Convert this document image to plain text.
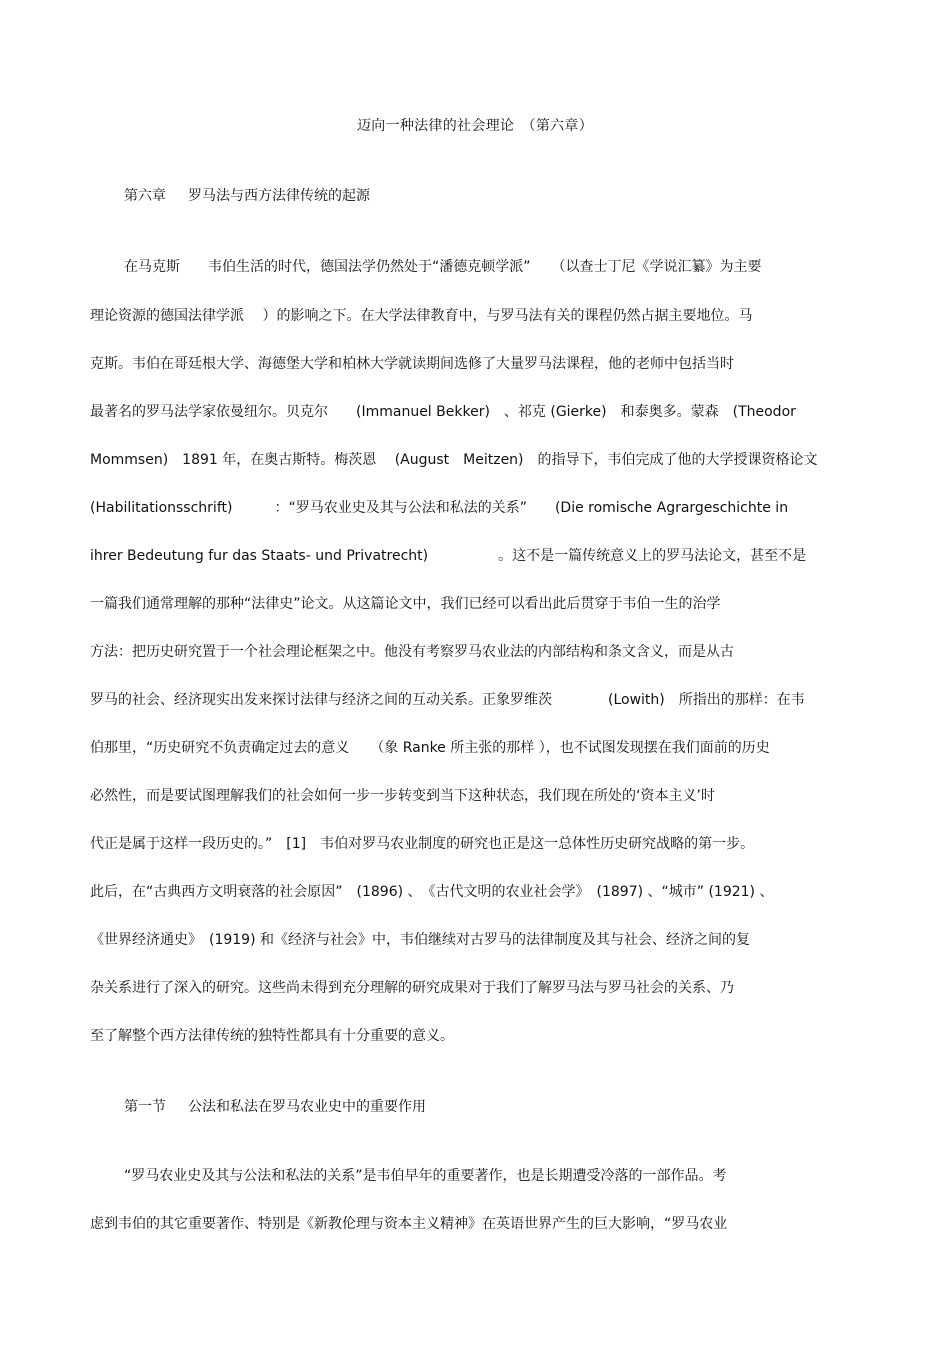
迈向一种法律的社会理论　（第六章）
第六章 罗马法与西方法律传统的起源
在马克斯　　韦伯生活的时代，德国法学仍然处于“潘德克顿学派”　　（以查士丁尼《学说汇纂》为主要
理论资源的德国法律学派　 ）的影响之下。在大学法律教育中，与罗马法有关的课程仍然占据主要地位。马
克斯。韦伯在哥廷根大学、海德堡大学和柏林大学就读期间选修了大量罗马法课程，他的老师中包括当时
最著名的罗马法学家依曼纽尔。贝克尔　　(Immanuel Bekker)　、祁克 (Gierke)　和泰奥多。蒙森　(Theodor
Mommsen)　1891 年，在奥古斯特。梅茨恩　 (August　Meitzen)　的指导下，韦伯完成了他的大学授课资格论文
(Habilitationsschrift)　　　：“罗马农业史及其与公法和私法的关系”　　(Die romische Agrargeschichte in
ihrer Bedeutung fur das Staats- und Privatrecht)　　　　　。这不是一篇传统意义上的罗马法论文，甚至不是
一篇我们通常理解的那种“法律史”论文。从这篇论文中，我们已经可以看出此后贯穿于韦伯一生的治学
方法：把历史研究置于一个社会理论框架之中。他没有考察罗马农业法的内部结构和条文含义，而是从古
罗马的社会、经济现实出发来探讨法律与经济之间的互动关系。正象罗维茨　　　　(Lowith)　所指出的那样：在韦
伯那里，“历史研究不负责确定过去的意义　　（象 Ranke 所主张的那样 ），也不试图发现摆在我们面前的历史
必然性，而是要试图理解我们的社会如何一步一步转变到当下这种状态，我们现在所处的‘资本主义’时
代正是属于这样一段历史的。”　[1]　韦伯对罗马农业制度的研究也正是这一总体性历史研究战略的第一步。
此后，在“古典西方文明衰落的社会原因”　(1896) 、　《古代文明的农业社会学》　(1897) 、“城市” (1921) 、
《世界经济通史》　(1919) 和《经济与社会》中，韦伯继续对古罗马的法律制度及其与社会、经济之间的复
杂关系进行了深入的研究。这些尚未得到充分理解的研究成果对于我们了解罗马法与罗马社会的关系、乃
至了解整个西方法律传统的独特性都具有十分重要的意义。
第一节 公法和私法在罗马农业史中的重要作用
“罗马农业史及其与公法和私法的关系”是韦伯早年的重要著作，也是长期遭受冷落的一部作品。考
虑到韦伯的其它重要著作、特别是《新教伦理与资本主义精神》在英语世界产生的巨大影响，“罗马农业
